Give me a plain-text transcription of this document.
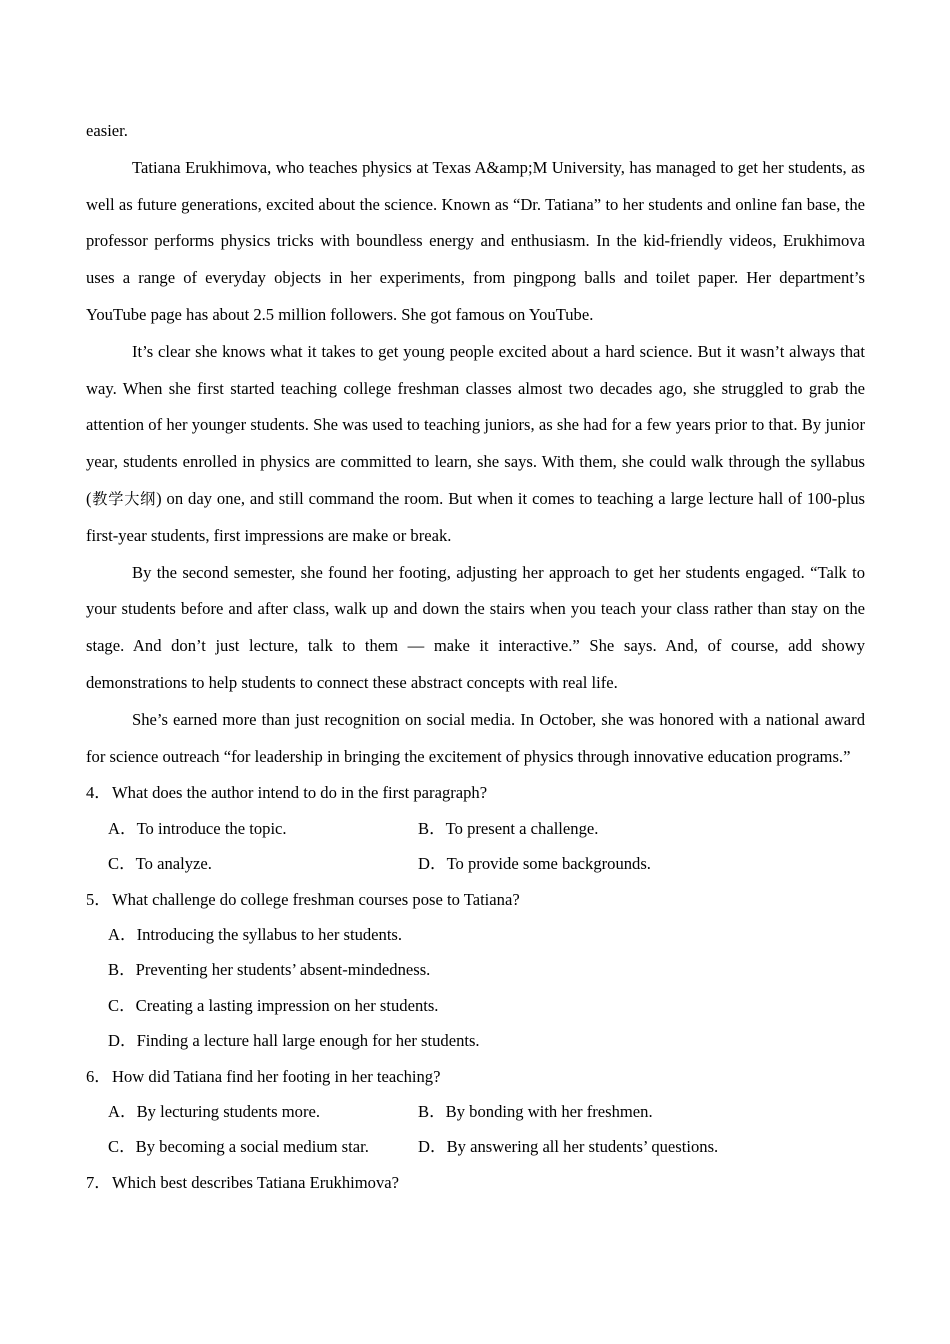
easier.

Tatiana Erukhimova, who teaches physics at Texas A&amp;M University, has managed to get her students, as well as future generations, excited about the science. Known as “Dr. Tatiana” to her students and online fan base, the professor performs physics tricks with boundless energy and enthusiasm. In the kid-friendly videos, Erukhimova uses a range of everyday objects in her experiments, from pingpong balls and toilet paper. Her department’s YouTube page has about 2.5 million followers. She got famous on YouTube.

It’s clear she knows what it takes to get young people excited about a hard science. But it wasn’t always that way. When she first started teaching college freshman classes almost two decades ago, she struggled to grab the attention of her younger students. She was used to teaching juniors, as she had for a few years prior to that. By junior year, students enrolled in physics are committed to learn, she says. With them, she could walk through the syllabus (教学大纲) on day one, and still command the room. But when it comes to teaching a large lecture hall of 100-plus first-year students, first impressions are make or break.

By the second semester, she found her footing, adjusting her approach to get her students engaged. “Talk to your students before and after class, walk up and down the stairs when you teach your class rather than stay on the stage. And don’t just lecture, talk to them — make it interactive.” She says. And, of course, add showy demonstrations to help students to connect these abstract concepts with real life.

She’s earned more than just recognition on social media. In October, she was honored with a national award for science outreach “for leadership in bringing the excitement of physics through innovative education programs.”

4．What does the author intend to do in the first paragraph?

A．To introduce the topic.	B．To present a challenge.
C．To analyze.	D．To provide some backgrounds.

5．What challenge do college freshman courses pose to Tatiana?

A．Introducing the syllabus to her students.
B．Preventing her students’ absent-mindedness.
C．Creating a lasting impression on her students.
D．Finding a lecture hall large enough for her students.

6．How did Tatiana find her footing in her teaching?

A．By lecturing students more.	B．By bonding with her freshmen.
C．By becoming a social medium star.	D．By answering all her students’ questions.

7．Which best describes Tatiana Erukhimova?
